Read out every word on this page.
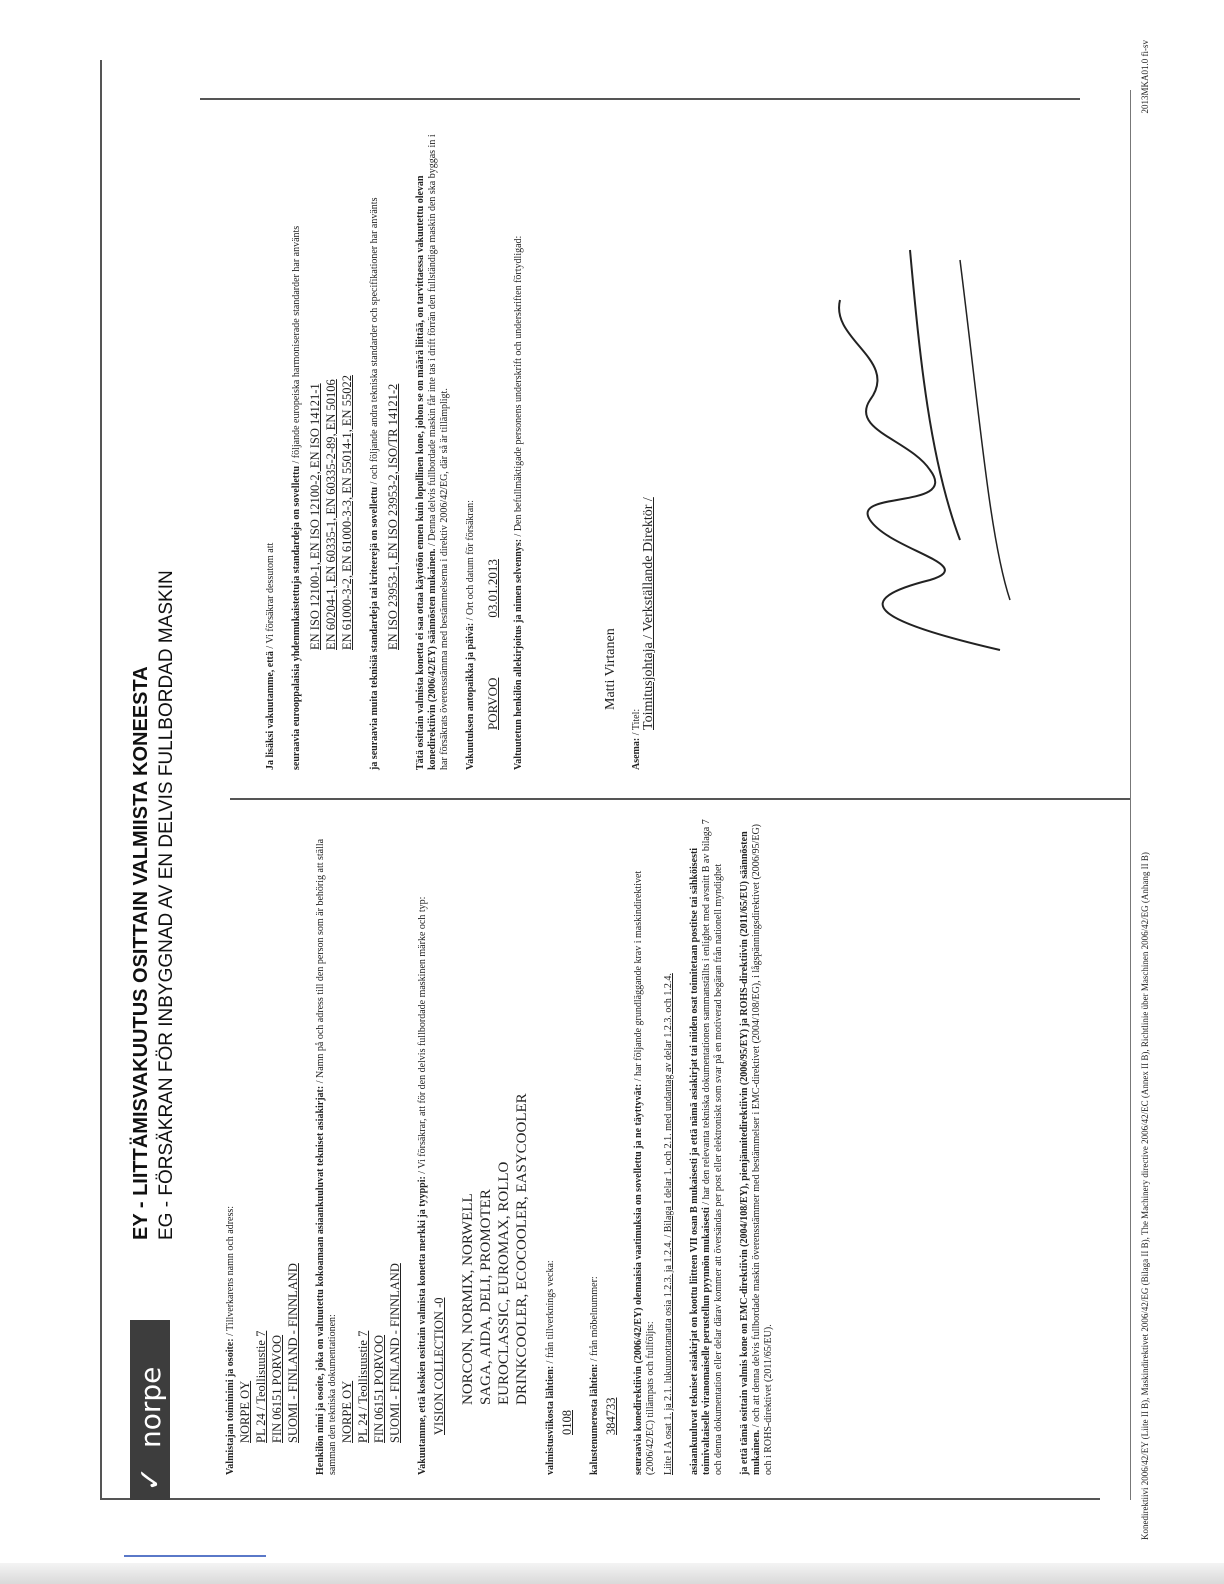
✓
norpe
EY - LIITTÄMISVAKUUTUS OSITTAIN VALMIISTA KONEESTA EG - FÖRSÄKRAN FÖR INBYGGNAD AV EN DELVIS FULLBORDAD MASKIN
Valmistajan toiminimi ja osoite: / Tillverkarens namn och adress:
NORPE OY PL 24 / Teollisuustie 7 FIN 06151 PORVOO SUOMI - FINLAND - FINNLAND Henkilön nimi ja osoite, joka on valtuutettu kokoamaan asiaankuuluvat tekniset asiakirjat: / Namn på och adress till den person som är behörig att ställa samman den tekniska dokumentationen: NORPE OY PL 24 / Teollisuustie 7 FIN 06151 PORVOO SUOMI - FINLAND - FINNLAND Vakuutamme, että koskien osittain valmista konetta merkki ja tyyppi: / Vi försäkrar, att för den delvis fullbordade maskinen märke och typ:
VISION COLLECTION -0 NORCON, NORMIX, NORWELL SAGA, AIDA, DELI, PROMOTER EUROCLASSIC, EUROMAX, ROLLO DRINKCOOLER, ECOCOOLER, EASYCOOLER
valmistusviikosta lähtien: / från tillverknings vecka:
0108 kalustenumerosta lähtien: / från möbelnummer:
384733 seuraavia konedirektiivin (2006/42/EY) olennaisia vaatimuksia on sovellettu ja ne täyttyvät: / har följande grundläggande krav i maskindirektivet (2006/42/EC) tillämpats och fullföljts: Liite I A osat 1. ja 2.1. lukuunottamatta osia 1.2.3. ja 1.2.4. / Bilaga I delar 1. och 2.1. med undantag av delar 1.2.3. och 1.2.4. asiaankuuluvat tekniset asiakirjat on koottu liitteen VII osan B mukaisesti ja että nämä asiakirjat tai niiden osat toimitetaan postitse tai sähköisesti toimivaltaiselle viranomaiselle perustellun pyynnön mukaisesti / har den relevanta tekniska dokumentationen sammanställts i enlighet med avsnitt B av bilaga 7 och denna dokumentation eller delar därav kommer att översändas per post eller elektroniskt som svar på en motiverad begäran från nationell myndighet ja että tämä osittain valmis kone on EMC-direktiivin (2004/108/EY), pienjännitedirektiivin (2006/95/EY) ja ROHS-direktiivin (2011/65/EU) säännösten mukainen. / och att denna delvis fullbordade maskin överensstämmer med bestämmelser i EMC-direktivet (2004/108/EG), i lågspänningsdirektivet (2006/95/EG) och i ROHS-direktivet (2011/65/EU).
Ja lisäksi vakuutamme, että / Vi försäkrar dessutom att seuraavia eurooppalaisia yhdenmukaistettuja standardeja on sovellettu / följande europeiska harmoniserade standarder har använts
EN ISO 12100-1, EN ISO 12100-2, EN ISO 14121-1 EN 60204-1, EN 60335-1, EN 60335-2-89, EN 50106 EN 61000-3-2, EN 61000-3-3, EN 55014-1, EN 55022 ja seuraavia muita teknisiä standardeja tai kriteerejä on sovellettu / och följande andra tekniska standarder och specifikationer har använts
EN ISO 23953-1, EN ISO 23953-2, ISO/TR 14121-2 Tätä osittain valmista konetta ei saa ottaa käyttöön ennen kuin lopullinen kone, johon se on määrä liittää, on tarvittaessa vakuutettu olevan konedirektiivin (2006/42/EY) säännösten mukainen. / Denna delvis fullbordade maskin får inte tas i drift förrän den fullständiga maskin den ska byggas in i har försäkrats överensstämma med bestämmelserna i direktiv 2006/42/EG, där så är tillämpligt. Vakuutuksen antopaikka ja päivä: / Ort och datum för försäkran:
PORVOO
03.01.2013 Valtuutetun henkilön allekirjoitus ja nimen selvennys: / Den befullmäktigade personens underskrift och underskriften förtydligad:
Matti Virtanen
Asema: / Titel: Toimitusjohtaja / Verkställande Direktör /
Konedirektiivi 2006/42/EY (Liite II B), Maskindirektivet 2006/42/EG (Bilaga II B), The Machinery directive 2006/42/EC (Annex II B), Richtlinie über Maschinen 2006/42/EG (Anhang II B)
2013MKA01.0 fi-sv
